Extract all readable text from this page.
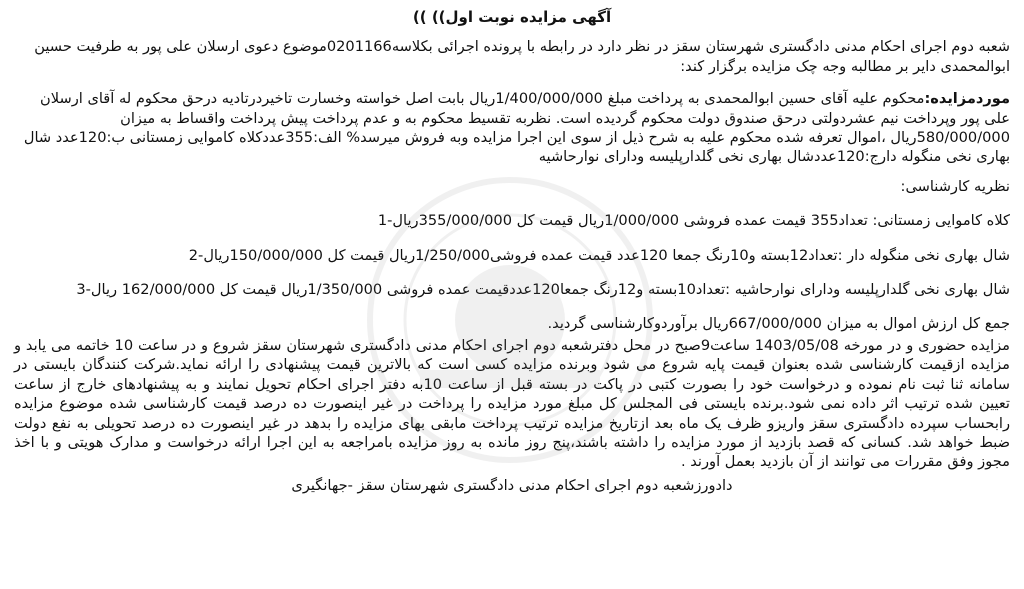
آگهی مزایده نوبت اول)) ))

شعبه دوم اجرای احکام مدنی دادگستری شهرستان سقز در نظر دارد در رابطه با پرونده اجرائی بکلاسه0201166موضوع دعوی ارسلان علی پور به طرفیت حسین ابوالمحمدی دایر بر مطالبه وجه چک مزایده برگزار کند:

موردمزایده:محکوم علیه آقای حسین ابوالمحمدی به پرداخت مبلغ 1/400/000/000ریال بابت اصل خواسته وخسارت تاخیردرتادیه درحق محکوم له آقای ارسلان علی پور وپرداخت نیم عشردولتی درحق صندوق دولت محکوم گردیده است. نظربه تقسیط محکوم به و عدم پرداخت پیش پرداخت واقساط به میزان 580/000/000ریال ،اموال تعرفه شده محکوم علیه به شرح ذیل از سوی این اجرا مزایده وبه فروش میرسد% الف:355عددکلاه کاموایی زمستانی ب:120عدد شال بهاری نخی منگوله دارج:120عددشال بهاری نخی گلدارپلیسه ودارای نوارحاشیه

نظریه کارشناسی:

کلاه کاموایی زمستانی: تعداد355 قیمت عمده فروشی 1/000/000ریال قیمت کل 355/000/000ریال-1

شال بهاری نخی منگوله دار :تعداد12بسته و10رنگ جمعا 120عدد قیمت عمده فروشی1/250/000ریال قیمت کل 150/000/000ریال-2

شال بهاری نخی گلدارپلیسه ودارای نوارحاشیه :تعداد10بسته و12رنگ جمعا120عددقیمت عمده فروشی 1/350/000ریال قیمت کل 162/000/000 ریال-3

جمع کل ارزش اموال به میزان 667/000/000ریال برآوردوکارشناسی گردید.

مزایده حضوری و در مورخه 1403/05/08 ساعت9صبح در محل دفترشعبه دوم اجرای احکام مدنی دادگستری شهرستان سقز شروع و در ساعت 10 خاتمه می یابد و مزایده ازقیمت کارشناسی شده بعنوان قیمت پایه شروع می شود وبرنده مزایده کسی است که بالاترین قیمت پیشنهادی را ارائه نماید.شرکت کنندگان بایستی در سامانه ثنا ثبت نام نموده و درخواست خود را بصورت کتبی در پاکت در بسته قبل از ساعت 10به دفتر اجرای احکام تحویل نمایند و به پیشنهادهای خارج از ساعت تعیین شده ترتیب اثر داده نمی شود.برنده بایستی فی المجلس کل مبلغ مورد مزایده را پرداخت در غیر اینصورت ده درصد قیمت کارشناسی شده موضوع مزایده رابحساب سپرده دادگستری سقز واریزو ظرف یک ماه بعد ازتاریخ مزایده ترتیب پرداخت مابقی بهای مزایده را بدهد در غیر اینصورت ده درصد تحویلی به نفع دولت ضبط خواهد شد. کسانی که قصد بازدید از مورد مزایده را داشته باشند،پنج روز مانده به روز مزایده بامراجعه به این اجرا ارائه درخواست و مدارک هویتی و با اخذ مجوز وفق مقررات می توانند از آن بازدید بعمل آورند .

دادورزشعبه دوم اجرای احکام مدنی دادگستری شهرستان سقز -جهانگیری
